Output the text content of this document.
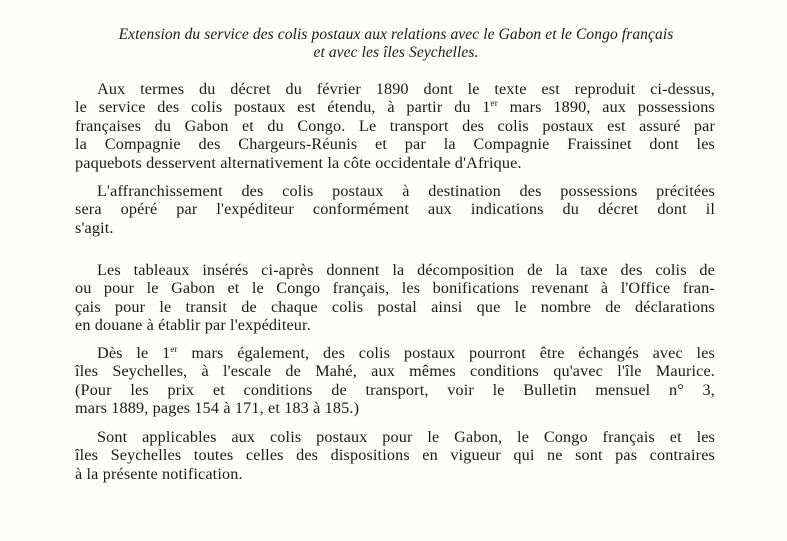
Extension du service des colis postaux aux relations avec le Gabon et le Congo français
et avec les îles Seychelles.
Aux termes du décret du février 1890 dont le texte est reproduit ci-dessus,
le service des colis postaux est étendu, à partir du 1er mars 1890, aux possessions
françaises du Gabon et du Congo. Le transport des colis postaux est assuré par
la Compagnie des Chargeurs-Réunis et par la Compagnie Fraissinet dont les
paquebots desservent alternativement la côte occidentale d'Afrique.
L'affranchissement des colis postaux à destination des possessions précitées
sera opéré par l'expéditeur conformément aux indications du décret dont il
s'agit.
Les tableaux insérés ci-après donnent la décomposition de la taxe des colis de
ou pour le Gabon et le Congo français, les bonifications revenant à l'Office fran-
çais pour le transit de chaque colis postal ainsi que le nombre de déclarations
en douane à établir par l'expéditeur.
Dès le 1er mars également, des colis postaux pourront être échangés avec les
îles Seychelles, à l'escale de Mahé, aux mêmes conditions qu'avec l'île Maurice.
(Pour les prix et conditions de transport, voir le Bulletin mensuel n° 3,
mars 1889, pages 154 à 171, et 183 à 185.)
Sont applicables aux colis postaux pour le Gabon, le Congo français et les
îles Seychelles toutes celles des dispositions en vigueur qui ne sont pas contraires
à la présente notification.
